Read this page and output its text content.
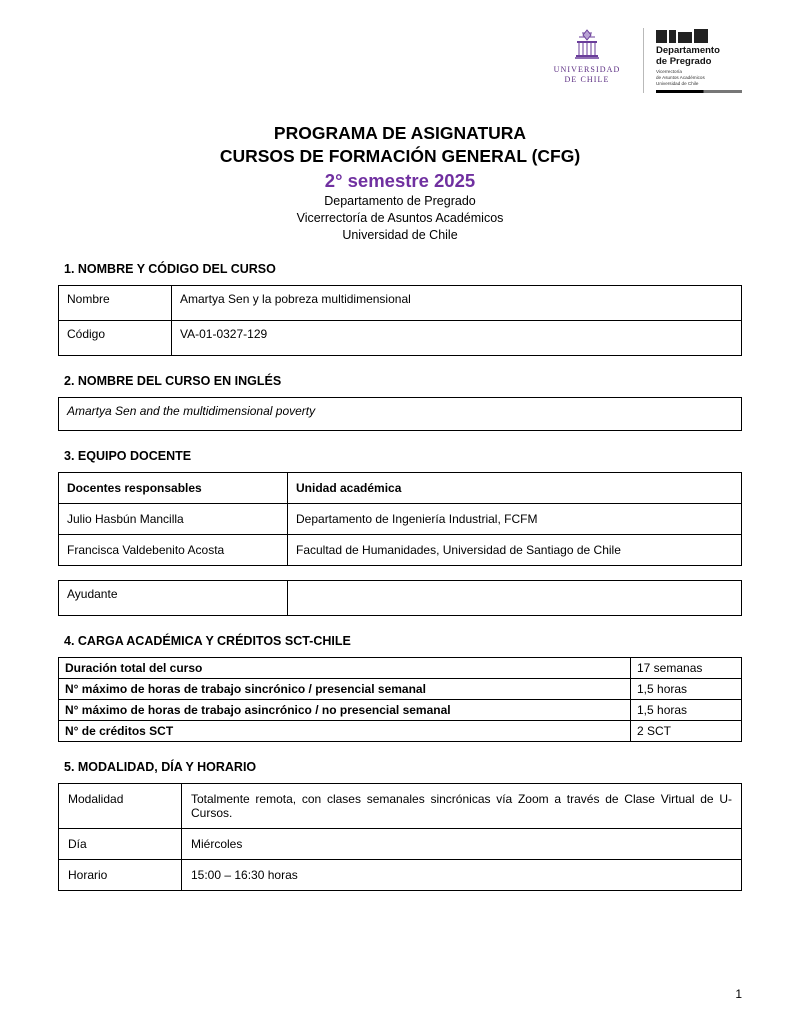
UNIVERSIDAD
DE CHILE
Departamento
de Pregrado
Vicerrectoría
de Asuntos Académicos
Universidad de Chile
PROGRAMA DE ASIGNATURA
CURSOS DE FORMACIÓN GENERAL (CFG)
2° semestre 2025
Departamento de Pregrado
Vicerrectoría de Asuntos Académicos
Universidad de Chile
1. NOMBRE Y CÓDIGO DEL CURSO
Nombre	Amartya Sen y la pobreza multidimensional
Código	VA-01-0327-129
2. NOMBRE DEL CURSO EN INGLÉS
Amartya Sen and the multidimensional poverty
3. EQUIPO DOCENTE
Docentes responsables	Unidad académica
Julio Hasbún Mancilla	Departamento de Ingeniería Industrial, FCFM
Francisca Valdebenito Acosta	Facultad de Humanidades, Universidad de Santiago de Chile
Ayudante	
4. CARGA ACADÉMICA Y CRÉDITOS SCT-CHILE
Duración total del curso	17 semanas
N° máximo de horas de trabajo sincrónico / presencial semanal	1,5 horas
N° máximo de horas de trabajo asincrónico / no presencial semanal	1,5 horas
N° de créditos SCT	2 SCT
5. MODALIDAD, DÍA Y HORARIO
Modalidad	Totalmente remota, con clases semanales sincrónicas vía Zoom a través de Clase Virtual de U-Cursos.
Día	Miércoles
Horario	15:00 – 16:30 horas
1
